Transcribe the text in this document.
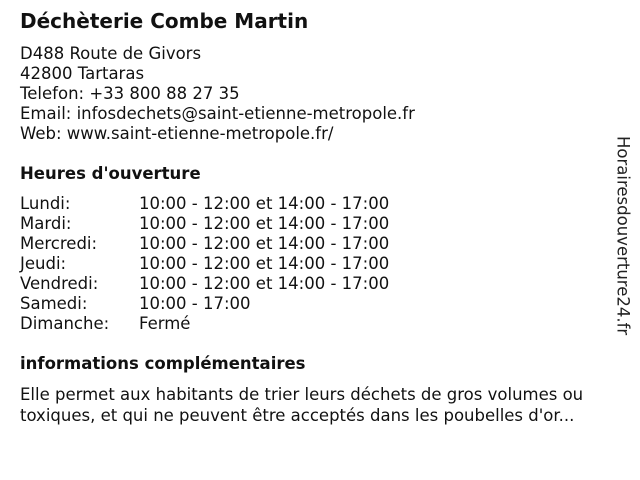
Déchèterie Combe Martin
D488 Route de Givors
42800 Tartaras
Telefon: +33 800 88 27 35
Email: infosdechets@saint-etienne-metropole.fr
Web: www.saint-etienne-metropole.fr/
Heures d'ouverture
Lundi:	10:00 - 12:00 et 14:00 - 17:00
Mardi:	10:00 - 12:00 et 14:00 - 17:00
Mercredi:	10:00 - 12:00 et 14:00 - 17:00
Jeudi:	10:00 - 12:00 et 14:00 - 17:00
Vendredi:	10:00 - 12:00 et 14:00 - 17:00
Samedi:	10:00 - 17:00
Dimanche:	Fermé
informations complémentaires
Elle permet aux habitants de trier leurs déchets de gros volumes ou toxiques, et qui ne peuvent être acceptés dans les poubelles d'or...
Horairesdouverture24.fr
